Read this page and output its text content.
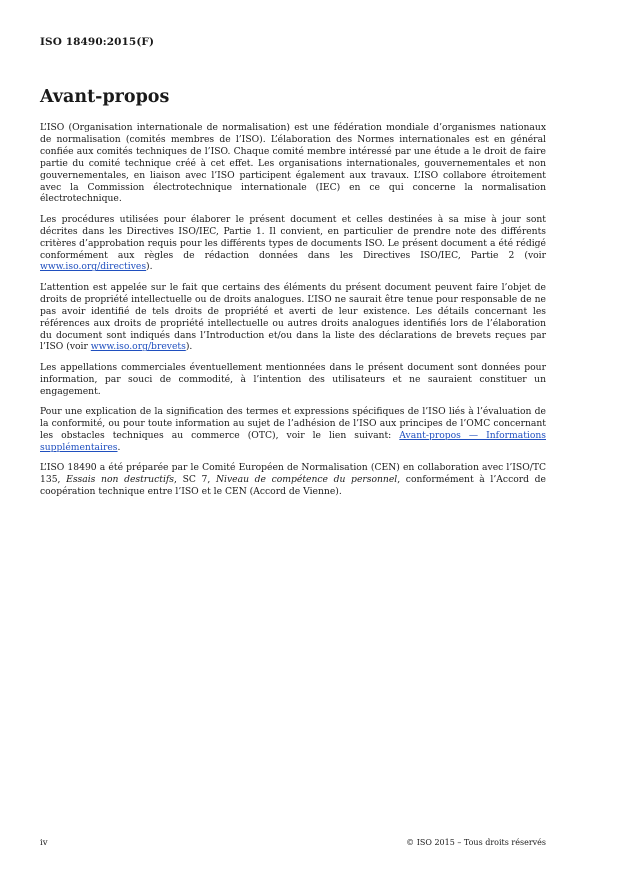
ISO 18490:2015(F)
Avant-propos

L’ISO (Organisation internationale de normalisation) est une fédération mondiale d’organismes nationaux de normalisation (comités membres de l’ISO). L’élaboration des Normes internationales est en général confiée aux comités techniques de l’ISO. Chaque comité membre intéressé par une étude a le droit de faire partie du comité technique créé à cet effet. Les organisations internationales, gouvernementales et non gouvernementales, en liaison avec l’ISO participent également aux travaux. L’ISO collabore étroitement avec la Commission électrotechnique internationale (IEC) en ce qui concerne la normalisation électrotechnique.

Les procédures utilisées pour élaborer le présent document et celles destinées à sa mise à jour sont décrites dans les Directives ISO/IEC, Partie 1. Il convient, en particulier de prendre note des différents critères d’approbation requis pour les différents types de documents ISO. Le présent document a été rédigé conformément aux règles de rédaction données dans les Directives ISO/IEC, Partie 2 (voir www.iso.org/directives).

L’attention est appelée sur le fait que certains des éléments du présent document peuvent faire l’objet de droits de propriété intellectuelle ou de droits analogues. L’ISO ne saurait être tenue pour responsable de ne pas avoir identifié de tels droits de propriété et averti de leur existence. Les détails concernant les références aux droits de propriété intellectuelle ou autres droits analogues identifiés lors de l’élaboration du document sont indiqués dans l’Introduction et/ou dans la liste des déclarations de brevets reçues par l’ISO (voir www.iso.org/brevets).

Les appellations commerciales éventuellement mentionnées dans le présent document sont données pour information, par souci de commodité, à l’intention des utilisateurs et ne sauraient constituer un engagement.

Pour une explication de la signification des termes et expressions spécifiques de l’ISO liés à l’évaluation de la conformité, ou pour toute information au sujet de l’adhésion de l’ISO aux principes de l’OMC concernant les obstacles techniques au commerce (OTC), voir le lien suivant: Avant-propos — Informations supplémentaires.

L’ISO 18490 a été préparée par le Comité Européen de Normalisation (CEN) en collaboration avec l’ISO/TC 135, Essais non destructifs, SC 7, Niveau de compétence du personnel, conformément à l’Accord de coopération technique entre l’ISO et le CEN (Accord de Vienne).

iv	© ISO 2015 – Tous droits réservés
